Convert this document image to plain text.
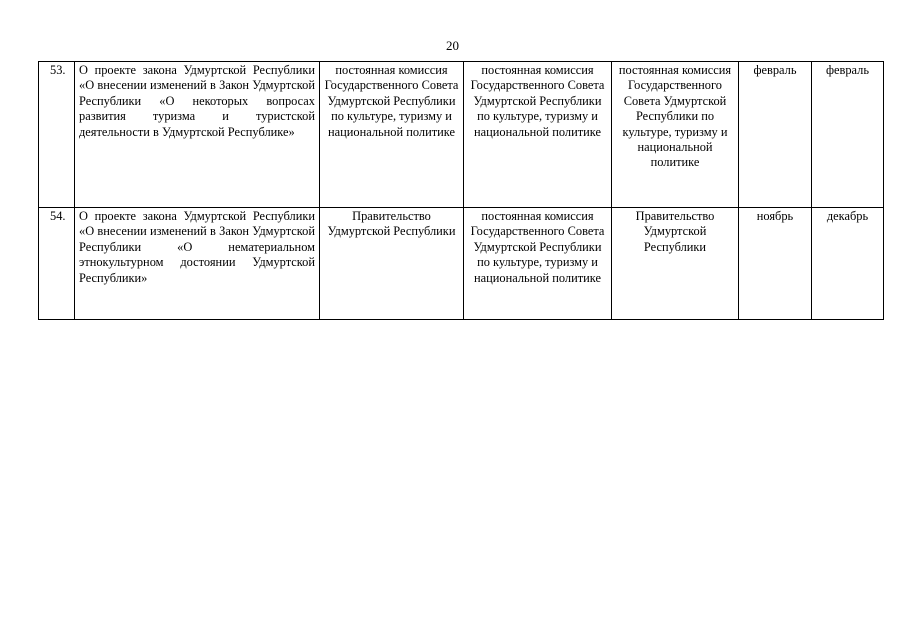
20
53.	О проекте закона Удмуртской Республики «О внесении изменений в Закон Удмуртской Республики «О некоторых вопросах развития туризма и туристской деятельности в Удмуртской Республике»	постоянная комиссия Государственного Совета Удмуртской Республики по культуре, туризму и национальной политике	постоянная комиссия Государственного Совета Удмуртской Республики по культуре, туризму и национальной политике	постоянная комиссия Государственного Совета Удмуртской Республики по культуре, туризму и национальной политике	февраль	февраль
54.	О проекте закона Удмуртской Республики «О внесении изменений в Закон Удмуртской Республики «О нематериальном этнокультурном достоянии Удмуртской Республики»	Правительство Удмуртской Республики	постоянная комиссия Государственного Совета Удмуртской Республики по культуре, туризму и национальной политике	Правительство Удмуртской Республики	ноябрь	декабрь
